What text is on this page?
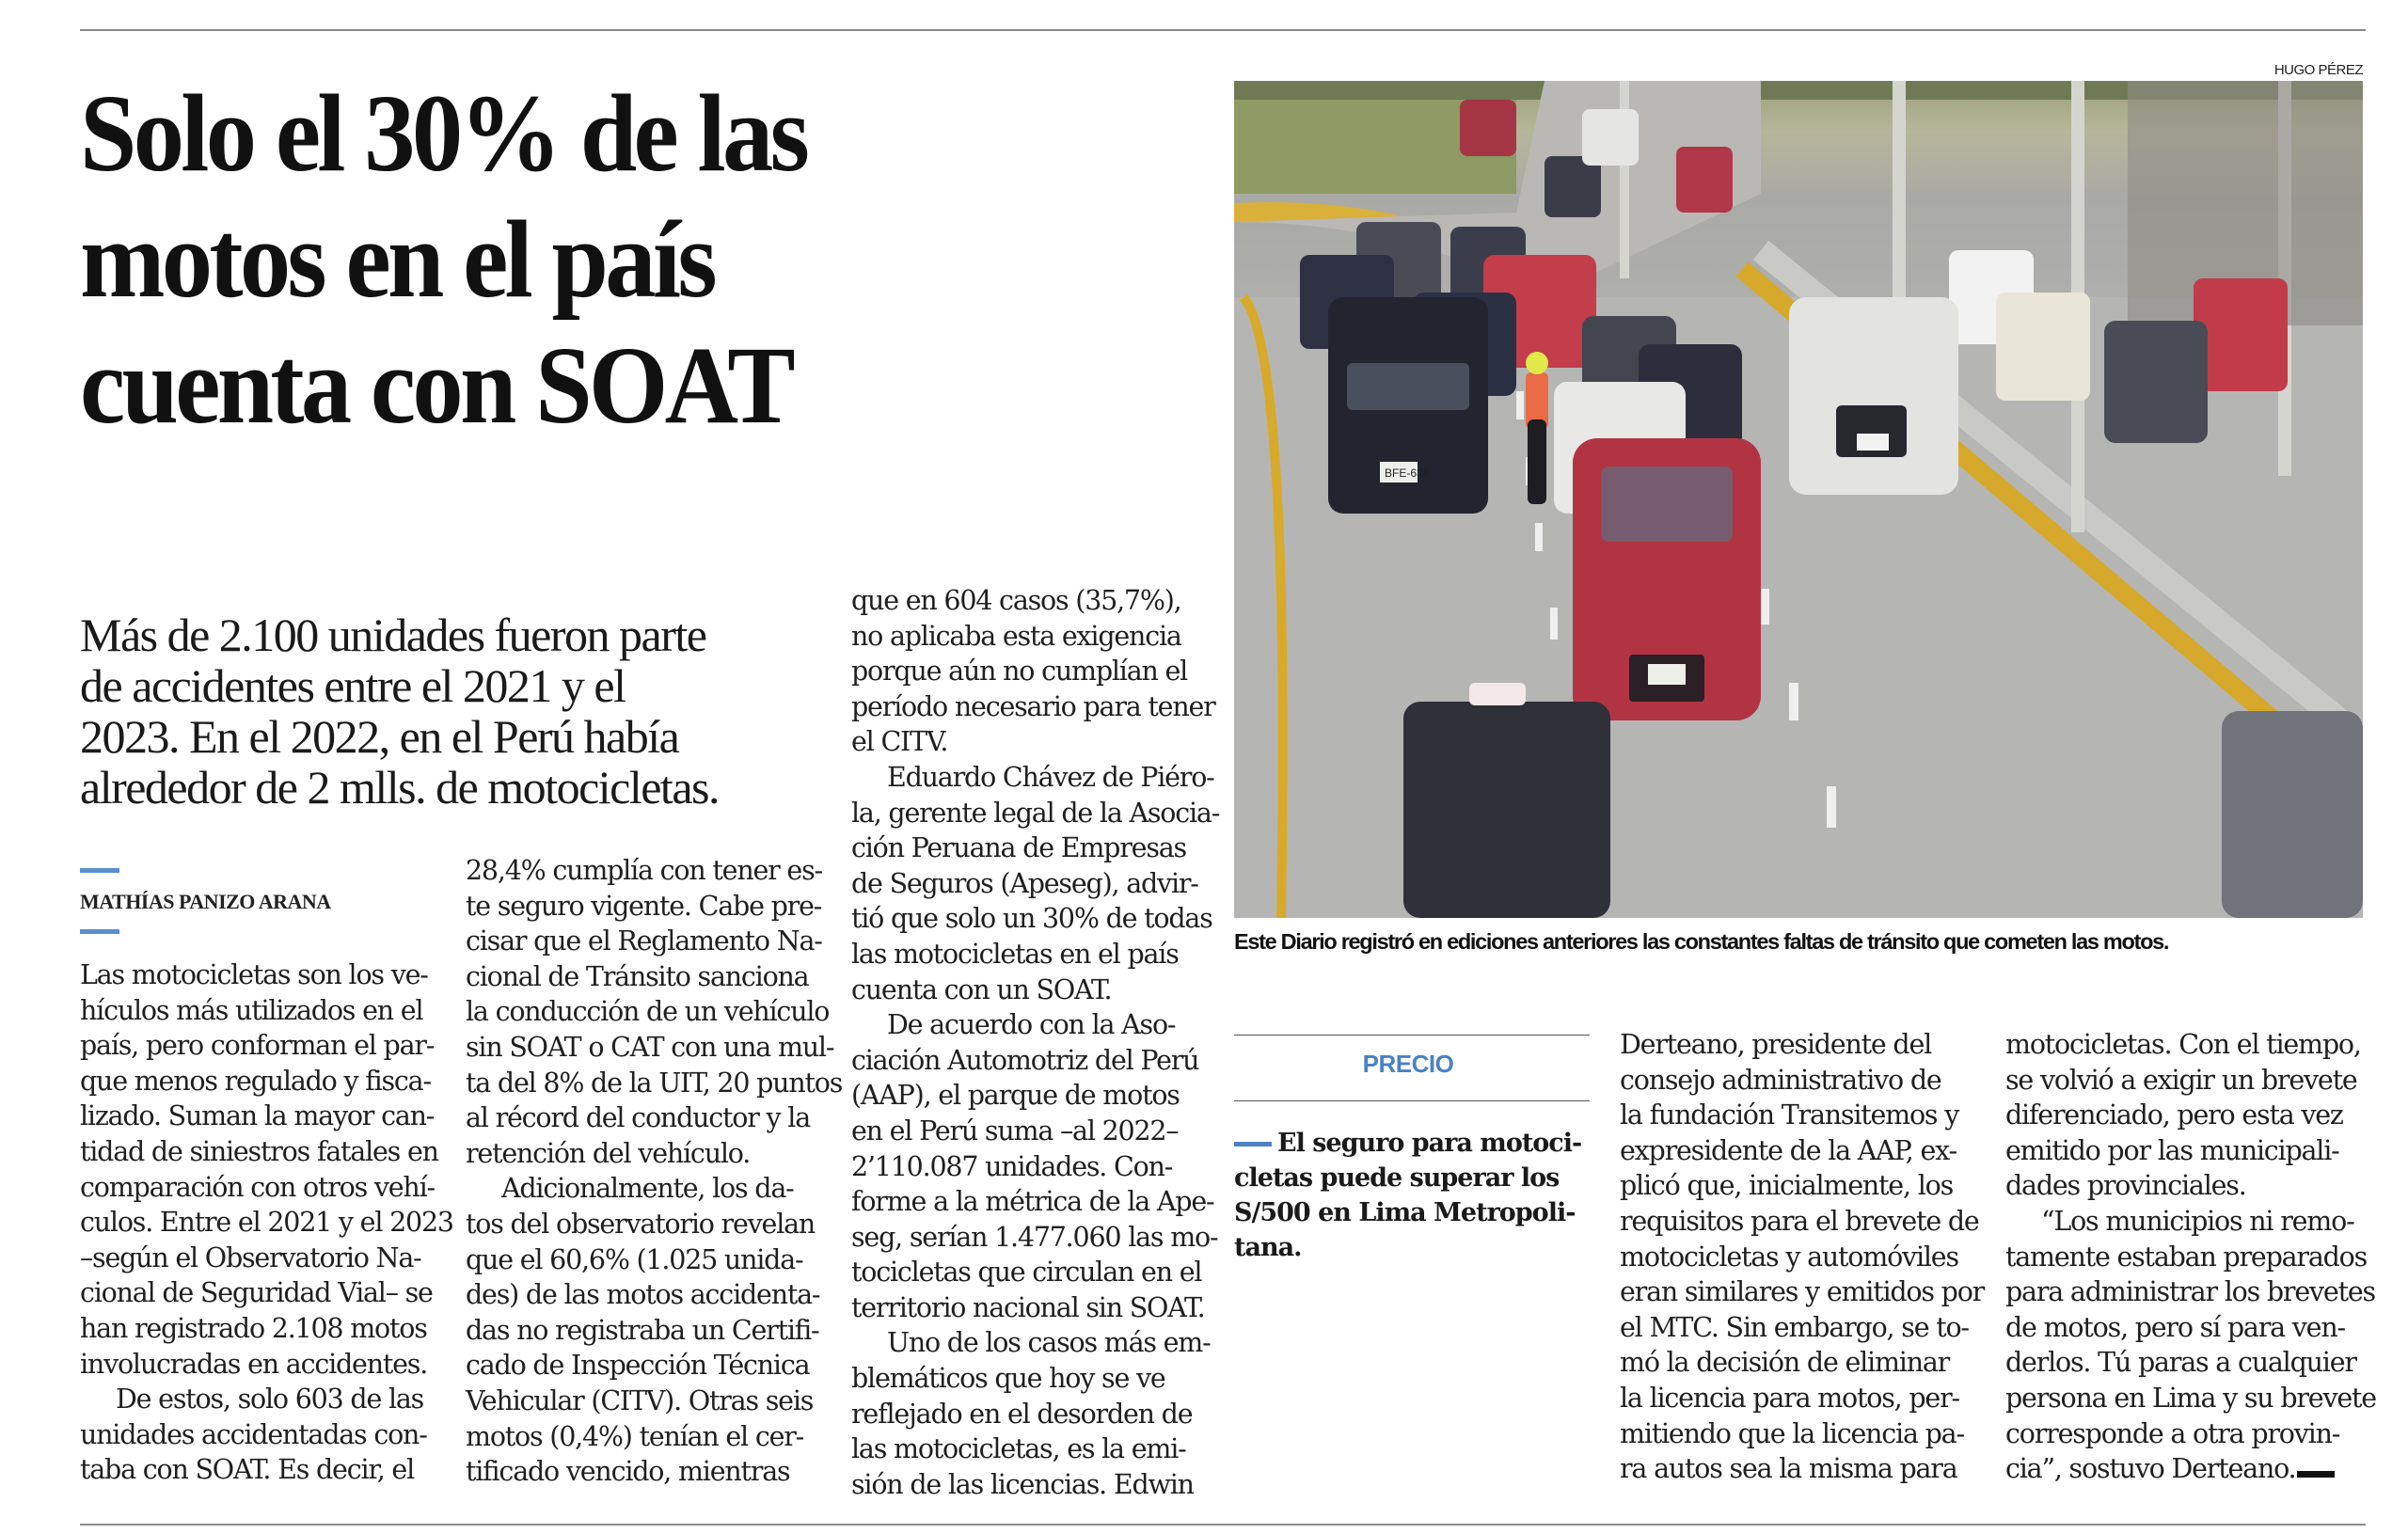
Solo el 30% de las
motos en el país
cuenta con SOAT
Más de 2.100 unidades fueron parte
de accidentes entre el 2021 y el
2023. En el 2022, en el Perú había
alrededor de 2 mlls. de motocicletas.
MATHÍAS PANIZO ARANA
Las motocicletas son los ve-
hículos más utilizados en el
país, pero conforman el par-
que menos regulado y fisca-
lizado. Suman la mayor can-
tidad de siniestros fatales en
comparación con otros vehí-
culos. Entre el 2021 y el 2023
–según el Observatorio Na-
cional de Seguridad Vial– se
han registrado 2.108 motos
involucradas en accidentes.
De estos, solo 603 de las
unidades accidentadas con-
taba con SOAT. Es decir, el
28,4% cumplía con tener es-
te seguro vigente. Cabe pre-
cisar que el Reglamento Na-
cional de Tránsito sanciona
la conducción de un vehículo
sin SOAT o CAT con una mul-
ta del 8% de la UIT, 20 puntos
al récord del conductor y la
retención del vehículo.
Adicionalmente, los da-
tos del observatorio revelan
que el 60,6% (1.025 unida-
des) de las motos accidenta-
das no registraba un Certifi-
cado de Inspección Técnica
Vehicular (CITV). Otras seis
motos (0,4%) tenían el cer-
tificado vencido, mientras
que en 604 casos (35,7%),
no aplicaba esta exigencia
porque aún no cumplían el
período necesario para tener
el CITV.
Eduardo Chávez de Piéro-
la, gerente legal de la Asocia-
ción Peruana de Empresas
de Seguros (Apeseg), advir-
tió que solo un 30% de todas
las motocicletas en el país
cuenta con un SOAT.
De acuerdo con la Aso-
ciación Automotriz del Perú
(AAP), el parque de motos
en el Perú suma –al 2022–
2’110.087 unidades. Con-
forme a la métrica de la Ape-
seg, serían 1.477.060 las mo-
tocicletas que circulan en el
territorio nacional sin SOAT.
Uno de los casos más em-
blemáticos que hoy se ve
reflejado en el desorden de
las motocicletas, es la emi-
sión de las licencias. Edwin
HUGO PÉREZ
BFE-634
Este Diario registró en ediciones anteriores las constantes faltas de tránsito que cometen las motos.
PRECIO
El seguro para motoci-
cletas puede superar los
S/500 en Lima Metropoli-
tana.
Derteano, presidente del
consejo administrativo de
la fundación Transitemos y
expresidente de la AAP, ex-
plicó que, inicialmente, los
requisitos para el brevete de
motocicletas y automóviles
eran similares y emitidos por
el MTC. Sin embargo, se to-
mó la decisión de eliminar
la licencia para motos, per-
mitiendo que la licencia pa-
ra autos sea la misma para
motocicletas. Con el tiempo,
se volvió a exigir un brevete
diferenciado, pero esta vez
emitido por las municipali-
dades provinciales.
“Los municipios ni remo-
tamente estaban preparados
para administrar los brevetes
de motos, pero sí para ven-
derlos. Tú paras a cualquier
persona en Lima y su brevete
corresponde a otra provin-
cia”, sostuvo Derteano.
